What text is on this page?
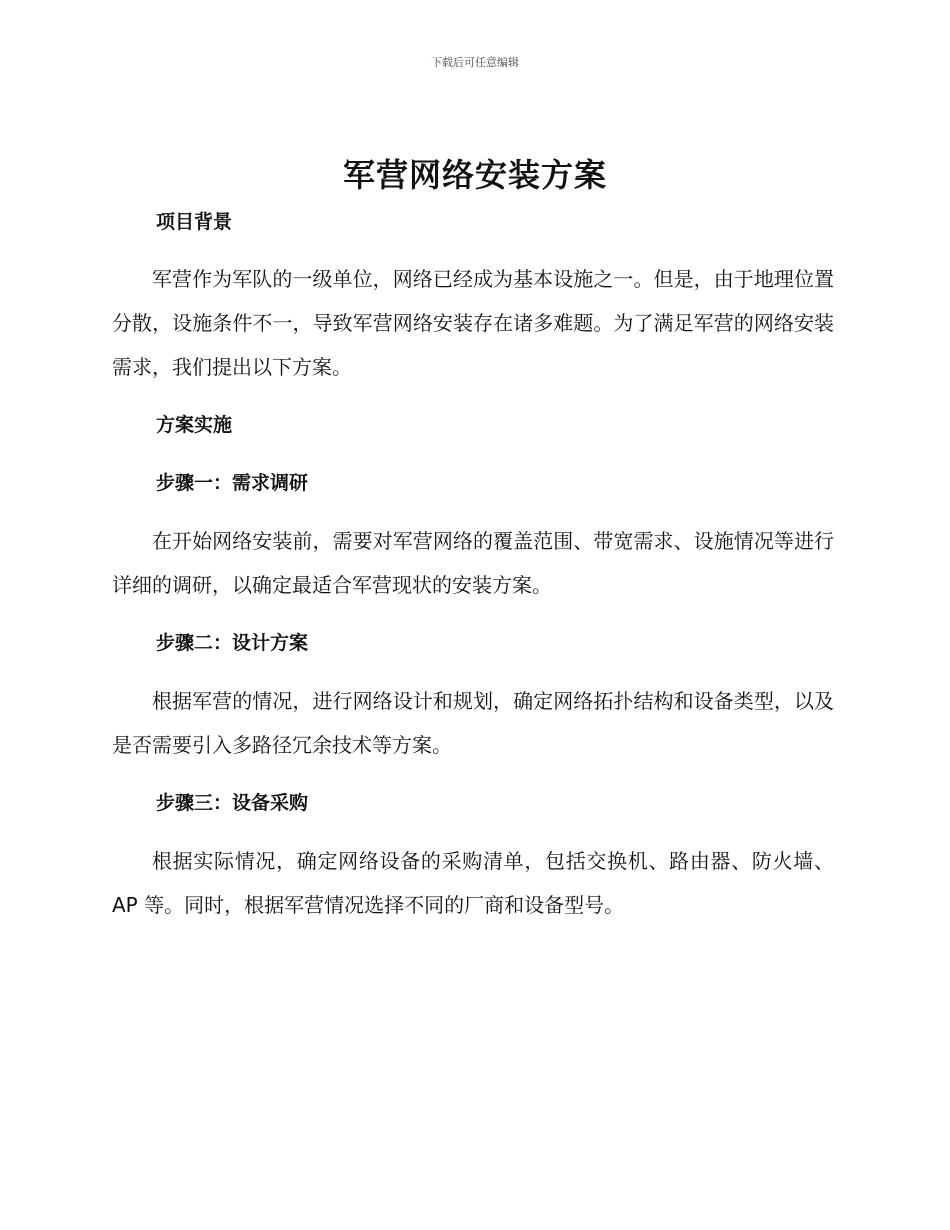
下载后可任意编辑
军营网络安装方案
项目背景

军营作为军队的一级单位，网络已经成为基本设施之一。但是，由于地理位置分散，设施条件不一，导致军营网络安装存在诸多难题。为了满足军营的网络安装需求，我们提出以下方案。

方案实施
步骤一：需求调研

在开始网络安装前，需要对军营网络的覆盖范围、带宽需求、设施情况等进行详细的调研，以确定最适合军营现状的安装方案。

步骤二：设计方案

根据军营的情况，进行网络设计和规划，确定网络拓扑结构和设备类型，以及是否需要引入多路径冗余技术等方案。

步骤三：设备采购

根据实际情况，确定网络设备的采购清单，包括交换机、路由器、防火墙、AP 等。同时，根据军营情况选择不同的厂商和设备型号。
